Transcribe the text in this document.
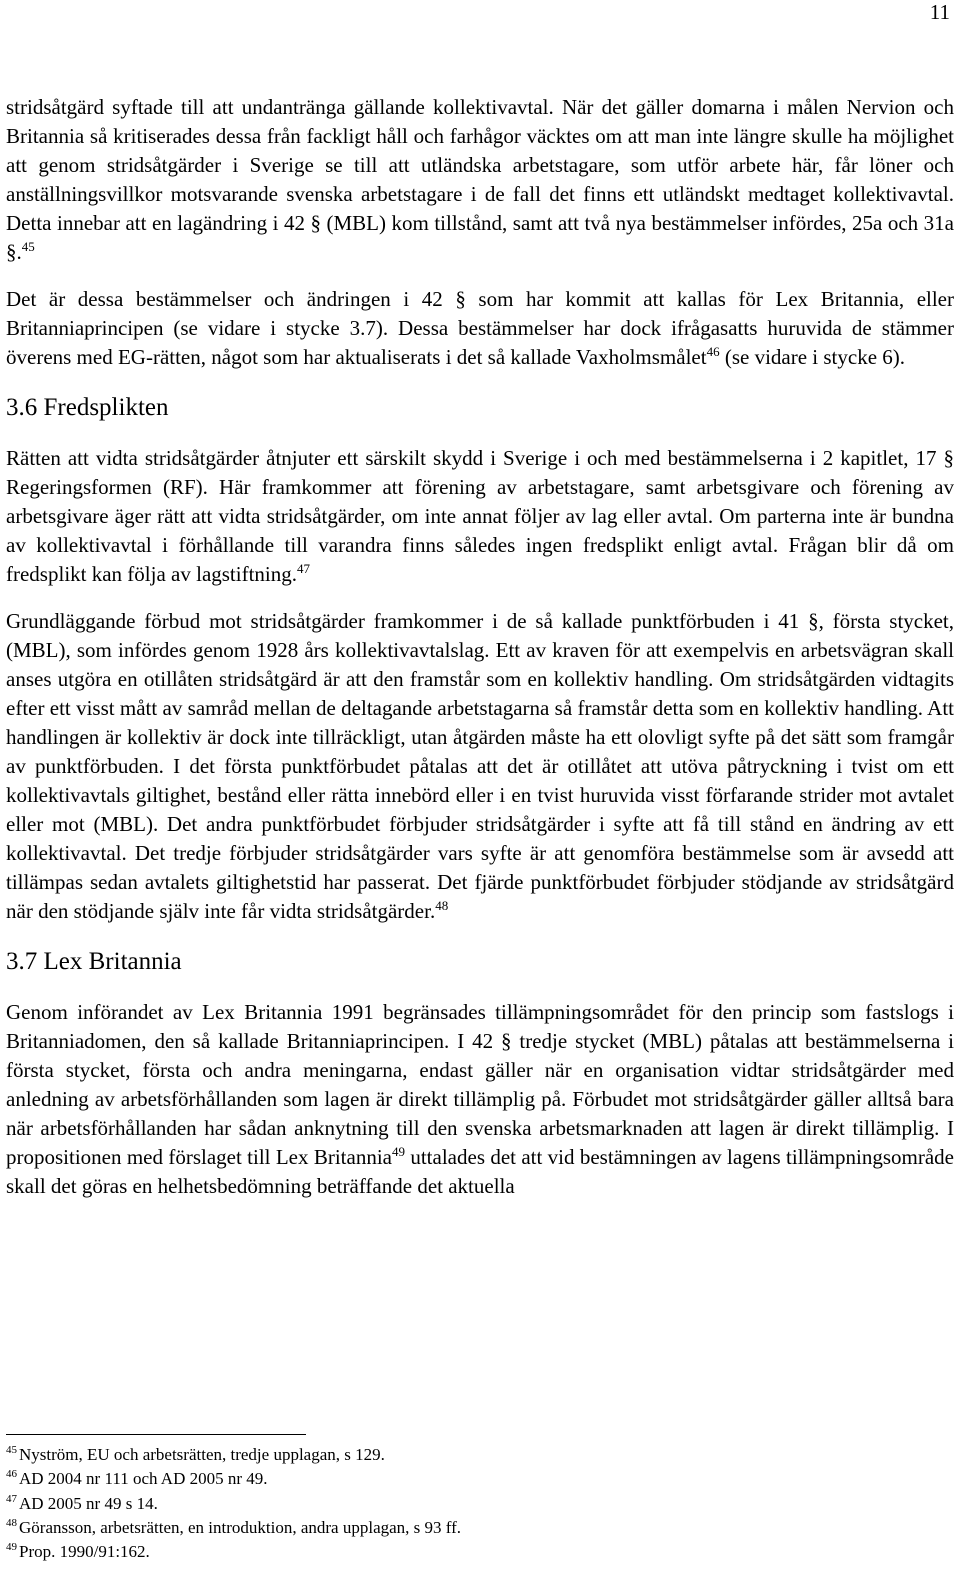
11

stridsåtgärd syftade till att undantränga gällande kollektivavtal. När det gäller domarna i målen Nervion och Britannia så kritiserades dessa från fackligt håll och farhågor väcktes om att man inte längre skulle ha möjlighet att genom stridsåtgärder i Sverige se till att utländska arbetstagare, som utför arbete här, får löner och anställningsvillkor motsvarande svenska arbetstagare i de fall det finns ett utländskt medtaget kollektivavtal. Detta innebar att en lagändring i 42 § (MBL) kom tillstånd, samt att två nya bestämmelser infördes, 25a och 31a §.$^{45}$

Det är dessa bestämmelser och ändringen i 42 § som har kommit att kallas för Lex Britannia, eller Britanniaprincipen (se vidare i stycke 3.7). Dessa bestämmelser har dock ifrågasatts huruvida de stämmer överens med EG-rätten, något som har aktualiserats i det så kallade Vaxholmsmålet$^{46}$ (se vidare i stycke 6).

3.6 Fredsplikten

Rätten att vidta stridsåtgärder åtnjuter ett särskilt skydd i Sverige i och med bestämmelserna i 2 kapitlet, 17 § Regeringsformen (RF). Här framkommer att förening av arbetstagare, samt arbetsgivare och förening av arbetsgivare äger rätt att vidta stridsåtgärder, om inte annat följer av lag eller avtal. Om parterna inte är bundna av kollektivavtal i förhållande till varandra finns således ingen fredsplikt enligt avtal. Frågan blir då om fredsplikt kan följa av lagstiftning.$^{47}$

Grundläggande förbud mot stridsåtgärder framkommer i de så kallade punktförbuden i 41 §, första stycket, (MBL), som infördes genom 1928 års kollektivavtalslag. Ett av kraven för att exempelvis en arbetsvägran skall anses utgöra en otillåten stridsåtgärd är att den framstår som en kollektiv handling. Om stridsåtgärden vidtagits efter ett visst mått av samråd mellan de deltagande arbetstagarna så framstår detta som en kollektiv handling. Att handlingen är kollektiv är dock inte tillräckligt, utan åtgärden måste ha ett olovligt syfte på det sätt som framgår av punktförbuden. I det första punktförbudet påtalas att det är otillåtet att utöva påtryckning i tvist om ett kollektivavtals giltighet, bestånd eller rätta innebörd eller i en tvist huruvida visst förfarande strider mot avtalet eller mot (MBL). Det andra punktförbudet förbjuder stridsåtgärder i syfte att få till stånd en ändring av ett kollektivavtal. Det tredje förbjuder stridsåtgärder vars syfte är att genomföra bestämmelse som är avsedd att tillämpas sedan avtalets giltighetstid har passerat. Det fjärde punktförbudet förbjuder stödjande av stridsåtgärd när den stödjande själv inte får vidta stridsåtgärder.$^{48}$

3.7 Lex Britannia

Genom införandet av Lex Britannia 1991 begränsades tillämpningsområdet för den princip som fastslogs i Britanniadomen, den så kallade Britanniaprincipen. I 42 § tredje stycket (MBL) påtalas att bestämmelserna i första stycket, första och andra meningarna, endast gäller när en organisation vidtar stridsåtgärder med anledning av arbetsförhållanden som lagen är direkt tillämplig på. Förbudet mot stridsåtgärder gäller alltså bara när arbetsförhållanden har sådan anknytning till den svenska arbetsmarknaden att lagen är direkt tillämplig. I propositionen med förslaget till Lex Britannia$^{49}$ uttalades det att vid bestämningen av lagens tillämpningsområde skall det göras en helhetsbedömning beträffande det aktuella

$^{45}$ Nyström, EU och arbetsrätten, tredje upplagan, s 129.

$^{46}$ AD 2004 nr 111 och AD 2005 nr 49.

$^{47}$ AD 2005 nr 49 s 14.

$^{48}$ Göransson, arbetsrätten, en introduktion, andra upplagan, s 93 ff.

$^{49}$ Prop. 1990/91:162.
